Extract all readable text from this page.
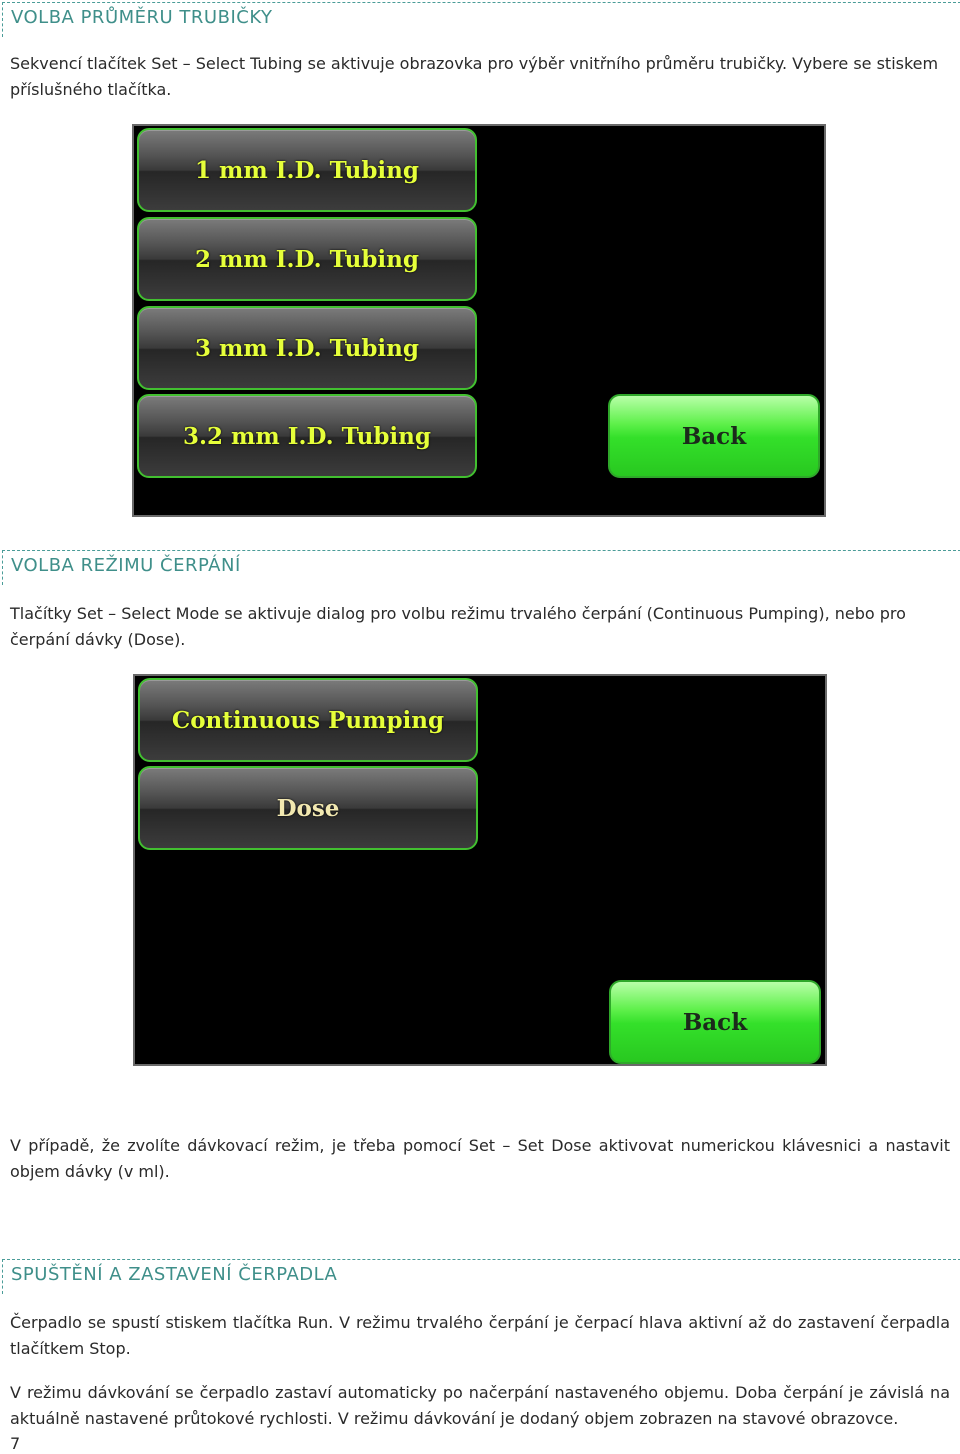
VOLBA PRŮMĚRU TRUBIČKY
Sekvencí tlačítek Set – Select Tubing se aktivuje obrazovka pro výběr vnitřního průměru trubičky. Vybere se stiskem příslušného tlačítka.
1 mm I.D. Tubing
2 mm I.D. Tubing
3 mm I.D. Tubing
3.2 mm I.D. Tubing	Back
VOLBA REŽIMU ČERPÁNÍ
Tlačítky Set – Select Mode se aktivuje dialog pro volbu režimu trvalého čerpání (Continuous Pumping), nebo pro čerpání dávky (Dose).
Continuous Pumping
Dose
Back
V případě, že zvolíte dávkovací režim, je třeba pomocí Set – Set Dose aktivovat numerickou klávesnici a nastavit objem dávky (v ml).
SPUŠTĚNÍ A ZASTAVENÍ ČERPADLA
Čerpadlo se spustí stiskem tlačítka Run. V režimu trvalého čerpání je čerpací hlava aktivní až do zastavení čerpadla tlačítkem Stop.
V režimu dávkování se čerpadlo zastaví automaticky po načerpání nastaveného objemu. Doba čerpání je závislá na aktuálně nastavené průtokové rychlosti. V režimu dávkování je dodaný objem zobrazen na stavové obrazovce.
7
